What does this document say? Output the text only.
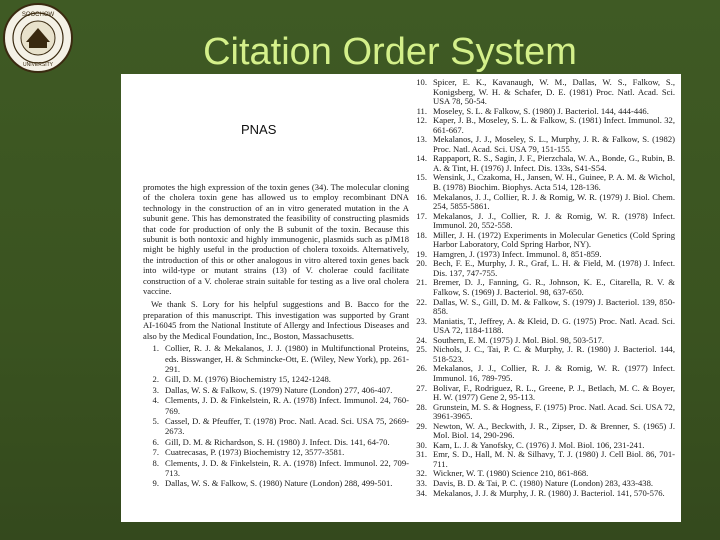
SOOCHOW
UNIVERSITY	Citation Order System
PNAS

promotes the high expression of the toxin genes (34). The molecular cloning of the cholera toxin gene has allowed us to employ recombinant DNA technology in the construction of an in vitro generated mutation in the A subunit gene. This has demonstrated the feasibility of constructing plasmids that code for production of only the B subunit of the toxin. Because this subunit is both nontoxic and highly immunogenic, plasmids such as pJM18 might be highly useful in the production of cholera toxoids. Alternatively, the introduction of this or other analogous in vitro altered toxin genes back into wild-type or mutant strains (13) of V. cholerae could facilitate construction of a V. cholerae strain suitable for testing as a live oral cholera vaccine.

We thank S. Lory for his helpful suggestions and B. Bacco for the preparation of this manuscript. This investigation was supported by Grant AI-16045 from the National Institute of Allergy and Infectious Diseases and also by the Medical Foundation, Inc., Boston, Massachusetts.

1. Collier, R. J. & Mekalanos, J. J. (1980) in Multifunctional Proteins, eds. Bisswanger, H. & Schmincke-Ott, E. (Wiley, New York), pp. 261-291.
2. Gill, D. M. (1976) Biochemistry 15, 1242-1248.
3. Dallas, W. S. & Falkow, S. (1979) Nature (London) 277, 406-407.
4. Clements, J. D. & Finkelstein, R. A. (1978) Infect. Immunol. 24, 760-769.
5. Cassel, D. & Pfeuffer, T. (1978) Proc. Natl. Acad. Sci. USA 75, 2669-2673.
6. Gill, D. M. & Richardson, S. H. (1980) J. Infect. Dis. 141, 64-70.
7. Cuatrecasas, P. (1973) Biochemistry 12, 3577-3581.
8. Clements, J. D. & Finkelstein, R. A. (1978) Infect. Immunol. 22, 709-713.
9. Dallas, W. S. & Falkow, S. (1980) Nature (London) 288, 499-501.
10. Spicer, E. K., Kavanaugh, W. M., Dallas, W. S., Falkow, S., Konigsberg, W. H. & Schafer, D. E. (1981) Proc. Natl. Acad. Sci. USA 78, 50-54.
11. Moseley, S. L. & Falkow, S. (1980) J. Bacteriol. 144, 444-446.
12. Kaper, J. B., Moseley, S. L. & Falkow, S. (1981) Infect. Immunol. 32, 661-667.
13. Mekalanos, J. J., Moseley, S. L., Murphy, J. R. & Falkow, S. (1982) Proc. Natl. Acad. Sci. USA 79, 151-155.
14. Rappaport, R. S., Sagin, J. F., Pierzchala, W. A., Bonde, G., Rubin, B. A. & Tint, H. (1976) J. Infect. Dis. 133s, S41-S54.
15. Wensink, J., Czakoma, H., Jansen, W. H., Guinee, P. A. M. & Wichol, B. (1978) Biochim. Biophys. Acta 514, 128-136.
16. Mekalanos, J. J., Collier, R. J. & Romig, W. R. (1979) J. Biol. Chem. 254, 5855-5861.
17. Mekalanos, J. J., Collier, R. J. & Romig, W. R. (1978) Infect. Immunol. 20, 552-558.
18. Miller, J. H. (1972) Experiments in Molecular Genetics (Cold Spring Harbor Laboratory, Cold Spring Harbor, NY).
19. Hamgren, J. (1973) Infect. Immunol. 8, 851-859.
20. Bech, F. E., Murphy, J. R., Graf, L. H. & Field, M. (1978) J. Infect. Dis. 137, 747-755.
21. Bremer, D. J., Fanning, G. R., Johnson, K. E., Citarella, R. V. & Falkow, S. (1969) J. Bacteriol. 98, 637-650.
22. Dallas, W. S., Gill, D. M. & Falkow, S. (1979) J. Bacteriol. 139, 850-858.
23. Maniatis, T., Jeffrey, A. & Kleid, D. G. (1975) Proc. Natl. Acad. Sci. USA 72, 1184-1188.
24. Southern, E. M. (1975) J. Mol. Biol. 98, 503-517.
25. Nichols, J. C., Tai, P. C. & Murphy, J. R. (1980) J. Bacteriol. 144, 518-523.
26. Mekalanos, J. J., Collier, R. J. & Romig, W. R. (1977) Infect. Immunol. 16, 789-795.
27. Bolivar, F., Rodriguez, R. L., Greene, P. J., Betlach, M. C. & Boyer, H. W. (1977) Gene 2, 95-113.
28. Grunstein, M. S. & Hogness, F. (1975) Proc. Natl. Acad. Sci. USA 72, 3961-3965.
29. Newton, W. A., Beckwith, J. R., Zipser, D. & Brenner, S. (1965) J. Mol. Biol. 14, 290-296.
30. Kam, L. J. & Yanofsky, C. (1976) J. Mol. Biol. 106, 231-241.
31. Emr, S. D., Hall, M. N. & Silhavy, T. J. (1980) J. Cell Biol. 86, 701-711.
32. Wickner, W. T. (1980) Science 210, 861-868.
33. Davis, B. D. & Tai, P. C. (1980) Nature (London) 283, 433-438.
34. Mekalanos, J. J. & Murphy, J. R. (1980) J. Bacteriol. 141, 570-576.
